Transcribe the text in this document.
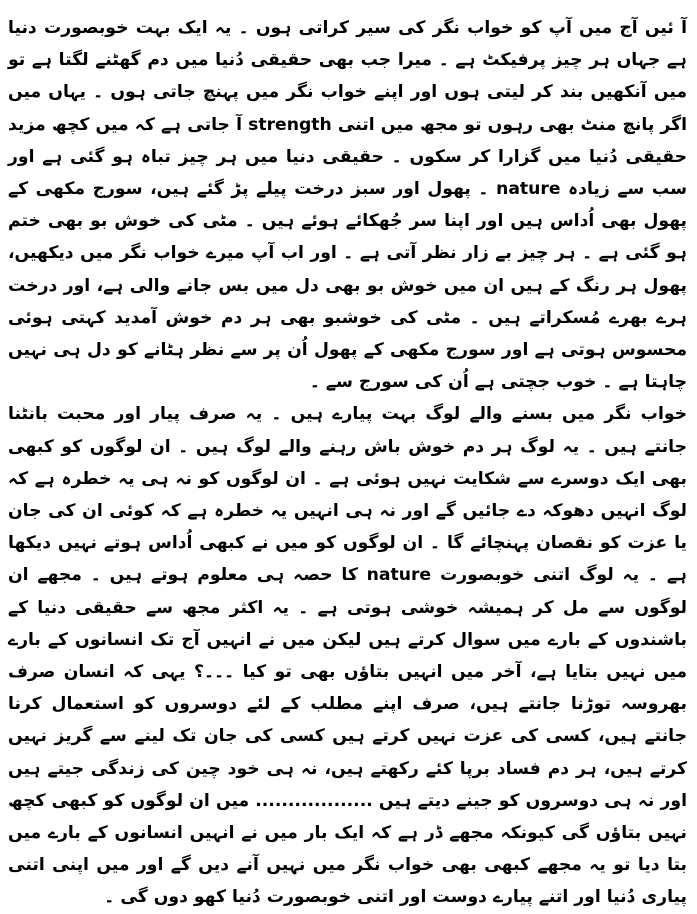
آ ئیں آج میں آپ کو خواب نگر کی سیر کراتی ہوں ۔ یہ ایک بہت خوبصورت دنیا ہے جہاں ہر چیز پرفیکٹ ہے ۔ میرا جب بھی حقیقی دُنیا میں دم گھٹنے لگتا ہے تو میں آنکھیں بند کر لیتی ہوں اور اپنے خواب نگر میں پہنچ جاتی ہوں ۔ یہاں میں اگر پانچ منٹ بھی رہوں تو مجھ میں اتنی strength آ جاتی ہے کہ میں کچھ مزید حقیقی دُنیا میں گزارا کر سکوں ۔ حقیقی دنیا میں ہر چیز تباہ ہو گئی ہے اور سب سے زیادہ nature ۔ پھول اور سبز درخت پیلے پڑ گئے ہیں، سورج مکھی کے پھول بھی اُداس ہیں اور اپنا سر جُھکائے ہوئے ہیں ۔ مٹی کی خوش بو بھی ختم ہو گئی ہے ۔ ہر چیز بے زار نظر آتی ہے ۔ اور اب آپ میرے خواب نگر میں دیکھیں، پھول ہر رنگ کے ہیں ان میں خوش بو بھی دل میں بس جانے والی ہے، اور درخت ہرے بھرے مُسکراتے ہیں ۔ مٹی کی خوشبو بھی ہر دم خوش آمدید کہتی ہوئی محسوس ہوتی ہے اور سورج مکھی کے پھول اُن پر سے نظر ہٹانے کو دل ہی نہیں چاہتا ہے ۔ خوب جچتی ہے اُن کی سورج سے ۔

خواب نگر میں بسنے والے لوگ بہت پیارے ہیں ۔ یہ صرف پیار اور محبت بانٹنا جانتے ہیں ۔ یہ لوگ ہر دم خوش باش رہنے والے لوگ ہیں ۔ ان لوگوں کو کبھی بھی ایک دوسرے سے شکایت نہیں ہوئی ہے ۔ ان لوگوں کو نہ ہی یہ خطرہ ہے کہ لوگ انہیں دھوکہ دے جائیں گے اور نہ ہی انہیں یہ خطرہ ہے کہ کوئی ان کی جان یا عزت کو نقصان پہنچائے گا ۔ ان لوگوں کو میں نے کبھی اُداس ہوتے نہیں دیکھا ہے ۔ یہ لوگ اتنی خوبصورت nature کا حصہ ہی معلوم ہوتے ہیں ۔ مجھے ان لوگوں سے مل کر ہمیشہ خوشی ہوتی ہے ۔ یہ اکثر مجھ سے حقیقی دنیا کے باشندوں کے بارے میں سوال کرتے ہیں لیکن میں نے انہیں آج تک انسانوں کے بارے میں نہیں بتایا ہے، آخر میں انہیں بتاؤں بھی تو کیا ۔۔۔؟ یہی کہ انسان صرف بھروسہ توڑنا جانتے ہیں، صرف اپنے مطلب کے لئے دوسروں کو استعمال کرنا جانتے ہیں، کسی کی عزت نہیں کرتے ہیں کسی کی جان تک لینے سے گریز نہیں کرتے ہیں، ہر دم فساد برپا کئے رکھتے ہیں، نہ ہی خود چین کی زندگی جیتے ہیں اور نہ ہی دوسروں کو جینے دیتے ہیں .................. میں ان لوگوں کو کبھی کچھ نہیں بتاؤں گی کیونکہ مجھے ڈر ہے کہ ایک بار میں نے انہیں انسانوں کے بارے میں بتا دیا تو یہ مجھے کبھی بھی خواب نگر میں نہیں آنے دیں گے اور میں اپنی اتنی پیاری دُنیا اور اتنے پیارے دوست اور اتنی خوبصورت دُنیا کھو دوں گی ۔
